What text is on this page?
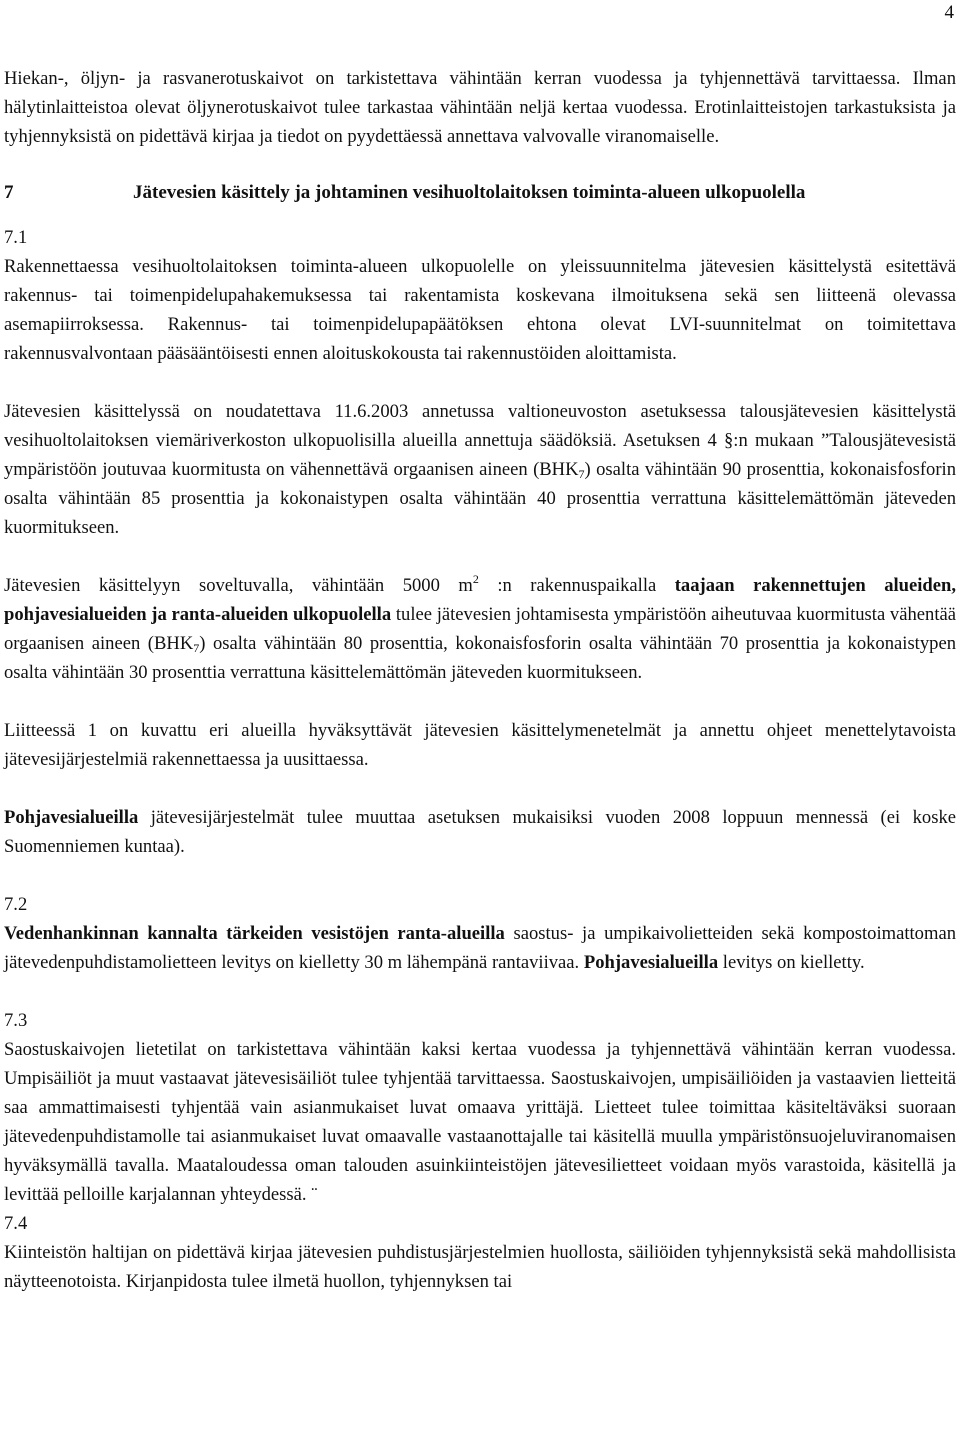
4

Hiekan-, öljyn- ja rasvanerotuskaivot on tarkistettava vähintään kerran vuodessa ja tyhjennettävä tarvittaessa. Ilman hälytinlaitteistoa olevat öljynerotuskaivot tulee tarkastaa vähintään neljä kertaa vuodessa. Erotinlaitteistojen tarkastuksista ja tyhjennyksistä on pidettävä kirjaa ja tiedot on pyydettäessä annettava valvovalle viranomaiselle.

7	Jätevesien käsittely ja johtaminen vesihuoltolaitoksen toiminta-alueen ulkopuolella
7.1

Rakennettaessa vesihuoltolaitoksen toiminta-alueen ulkopuolelle on yleissuunnitelma jätevesien käsittelystä esitettävä rakennus- tai toimenpidelupahakemuksessa tai rakentamista koskevana ilmoituksena sekä sen liitteenä olevassa asemapiirroksessa. Rakennus- tai toimenpidelupapäätöksen ehtona olevat LVI-suunnitelmat on toimitettava rakennusvalvontaan pääsääntöisesti ennen aloituskokousta tai rakennustöiden aloittamista.

Jätevesien käsittelyssä on noudatettava 11.6.2003 annetussa valtioneuvoston asetuksessa talousjätevesien käsittelystä vesihuoltolaitoksen viemäriverkoston ulkopuolisilla alueilla annettuja säädöksiä. Asetuksen 4 §:n mukaan ”Talousjätevesistä ympäristöön joutuvaa kuormitusta on vähennettävä orgaanisen aineen $(BHK_7)$ osalta vähintään 90 prosenttia, kokonaisfosforin osalta vähintään 85 prosenttia ja kokonaistypen osalta vähintään 40 prosenttia verrattuna käsittelemättömän jäteveden kuormitukseen.

Jätevesien käsittelyyn soveltuvalla, vähintään 5000 $m^2$ :n rakennuspaikalla taajaan rakennettujen alueiden, pohjavesialueiden ja ranta-alueiden ulkopuolella tulee jätevesien johtamisesta ympäristöön aiheutuvaa kuormitusta vähentää orgaanisen aineen $(BHK_7)$ osalta vähintään 80 prosenttia, kokonaisfosforin osalta vähintään 70 prosenttia ja kokonaistypen osalta vähintään 30 prosenttia verrattuna käsittelemättömän jäteveden kuormitukseen.

Liitteessä 1 on kuvattu eri alueilla hyväksyttävät jätevesien käsittelymenetelmät ja annettu ohjeet menettelytavoista jätevesijärjestelmiä rakennettaessa ja uusittaessa.

Pohjavesialueilla jätevesijärjestelmät tulee muuttaa asetuksen mukaisiksi vuoden 2008 loppuun mennessä (ei koske Suomenniemen kuntaa).

7.2

Vedenhankinnan kannalta tärkeiden vesistöjen ranta-alueilla saostus- ja umpikaivolietteiden sekä kompostoimattoman jätevedenpuhdistamolietteen levitys on kielletty 30 m lähempänä rantaviivaa. Pohjavesialueilla levitys on kielletty.

7.3

Saostuskaivojen lietetilat on tarkistettava vähintään kaksi kertaa vuodessa ja tyhjennettävä vähintään kerran vuodessa. Umpisäiliöt ja muut vastaavat jätevesisäiliöt tulee tyhjentää tarvittaessa. Saostuskaivojen, umpisäiliöiden ja vastaavien lietteitä saa ammattimaisesti tyhjentää vain asianmukaiset luvat omaava yrittäjä. Lietteet tulee toimittaa käsiteltäväksi suoraan jätevedenpuhdistamolle tai asianmukaiset luvat omaavalle vastaanottajalle tai käsitellä muulla ympäristönsuojeluviranomaisen hyväksymällä tavalla. Maataloudessa oman talouden asuinkiinteistöjen jätevesilietteet voidaan myös varastoida, käsitellä ja levittää pelloille karjalannan yhteydessä. ¨

7.4

Kiinteistön haltijan on pidettävä kirjaa jätevesien puhdistusjärjestelmien huollosta, säiliöiden tyhjennyksistä sekä mahdollisista näytteenotoista. Kirjanpidosta tulee ilmetä huollon, tyhjennyksen tai
